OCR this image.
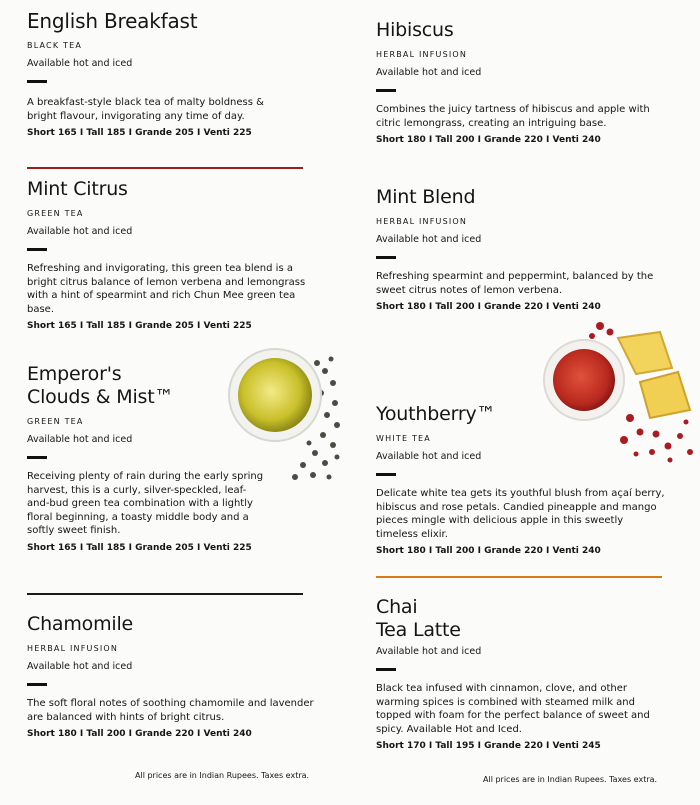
English Breakfast
BLACK TEA
Available hot and iced
A breakfast-style black tea of malty boldness & bright flavour, invigorating any time of day.
Short 165 I Tall 185 I Grande 205 I Venti 225
Mint Citrus
GREEN TEA
Available hot and iced
Refreshing and invigorating, this green tea blend is a bright citrus balance of lemon verbena and lemongrass with a hint of spearmint and rich Chun Mee green tea base.
Short 165 I Tall 185 I Grande 205 I Venti 225
Emperor's
Clouds & Mist™
GREEN TEA
Available hot and iced
Receiving plenty of rain during the early spring harvest, this is a curly, silver-speckled, leaf-and-bud green tea combination with a lightly floral beginning, a toasty middle body and a softly sweet finish.
Short 165 I Tall 185 I Grande 205 I Venti 225
Chamomile
HERBAL INFUSION
Available hot and iced
The soft floral notes of soothing chamomile and lavender are balanced with hints of bright citrus.
Short 180 I Tall 200 I Grande 220 I Venti 240
All prices are in Indian Rupees. Taxes extra.
Hibiscus
HERBAL INFUSION
Available hot and iced
Combines the juicy tartness of hibiscus and apple with citric lemongrass, creating an intriguing base.
Short 180 I Tall 200 I Grande 220 I Venti 240
Mint Blend
HERBAL INFUSION
Available hot and iced
Refreshing spearmint and peppermint, balanced by the sweet citrus notes of lemon verbena.
Short 180 I Tall 200 I Grande 220 I Venti 240
Youthberry™
WHITE TEA
Available hot and iced
Delicate white tea gets its youthful blush from açaí berry, hibiscus and rose petals. Candied pineapple and mango pieces mingle with delicious apple in this sweetly timeless elixir.
Short 180 I Tall 200 I Grande 220 I Venti 240
Chai
Tea Latte
Available hot and iced
Black tea infused with cinnamon, clove, and other warming spices is combined with steamed milk and topped with foam for the perfect balance of sweet and spicy. Available Hot and Iced.
Short 170 I Tall 195 I Grande 220 I Venti 245
All prices are in Indian Rupees. Taxes extra.
